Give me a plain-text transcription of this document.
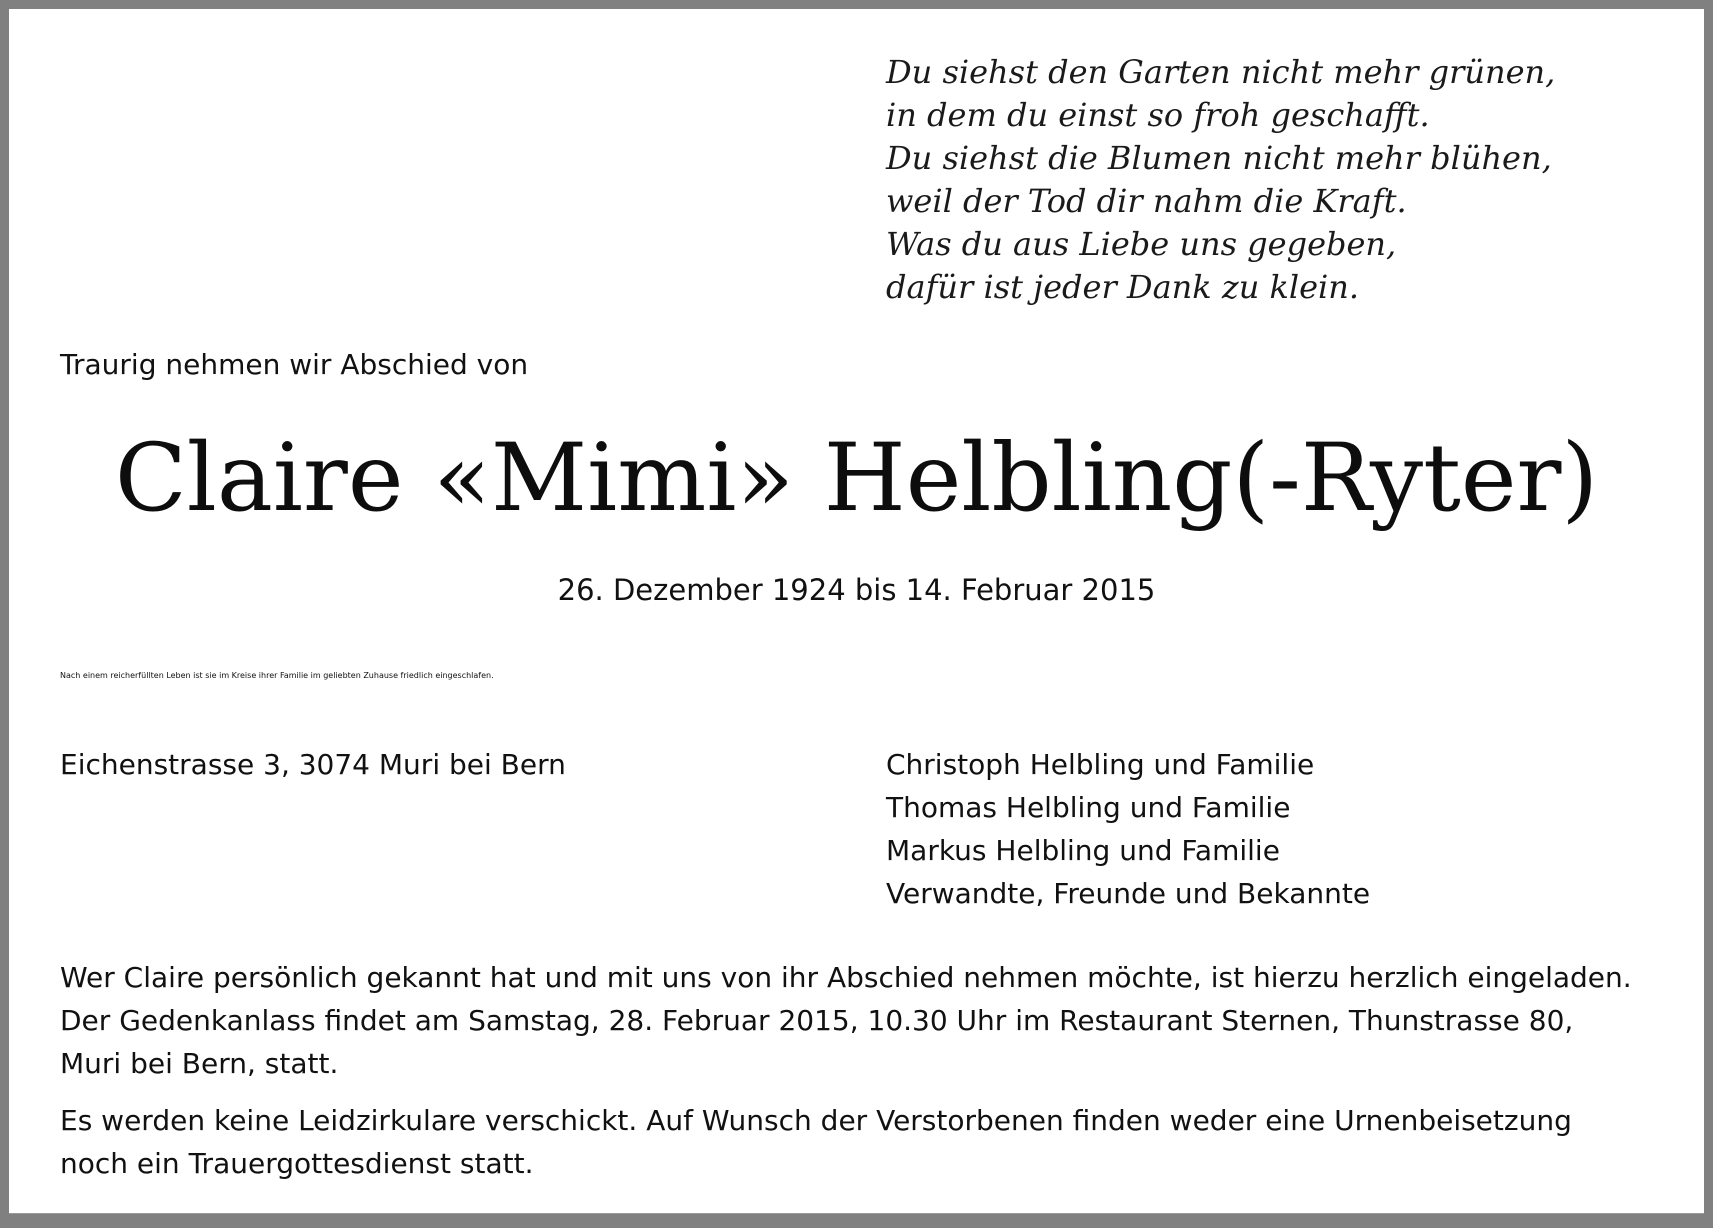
Du siehst den Garten nicht mehr grünen,
in dem du einst so froh geschafft.
Du siehst die Blumen nicht mehr blühen,
weil der Tod dir nahm die Kraft.
Was du aus Liebe uns gegeben,
dafür ist jeder Dank zu klein.
Traurig nehmen wir Abschied von
Claire «Mimi» Helbling(-Ryter)
26. Dezember 1924 bis 14. Februar 2015
Nach einem reicherfüllten Leben ist sie im Kreise ihrer Familie im geliebten Zuhause friedlich eingeschlafen.
Eichenstrasse 3, 3074 Muri bei Bern	Christoph Helbling und Familie
Thomas Helbling und Familie
Markus Helbling und Familie
Verwandte, Freunde und Bekannte
Wer Claire persönlich gekannt hat und mit uns von ihr Abschied nehmen möchte, ist hierzu herzlich eingeladen.
Der Gedenkanlass findet am Samstag, 28. Februar 2015, 10.30 Uhr im Restaurant Sternen, Thunstrasse 80,
Muri bei Bern, statt.
Es werden keine Leidzirkulare verschickt. Auf Wunsch der Verstorbenen finden weder eine Urnenbeisetzung
noch ein Trauergottesdienst statt.
